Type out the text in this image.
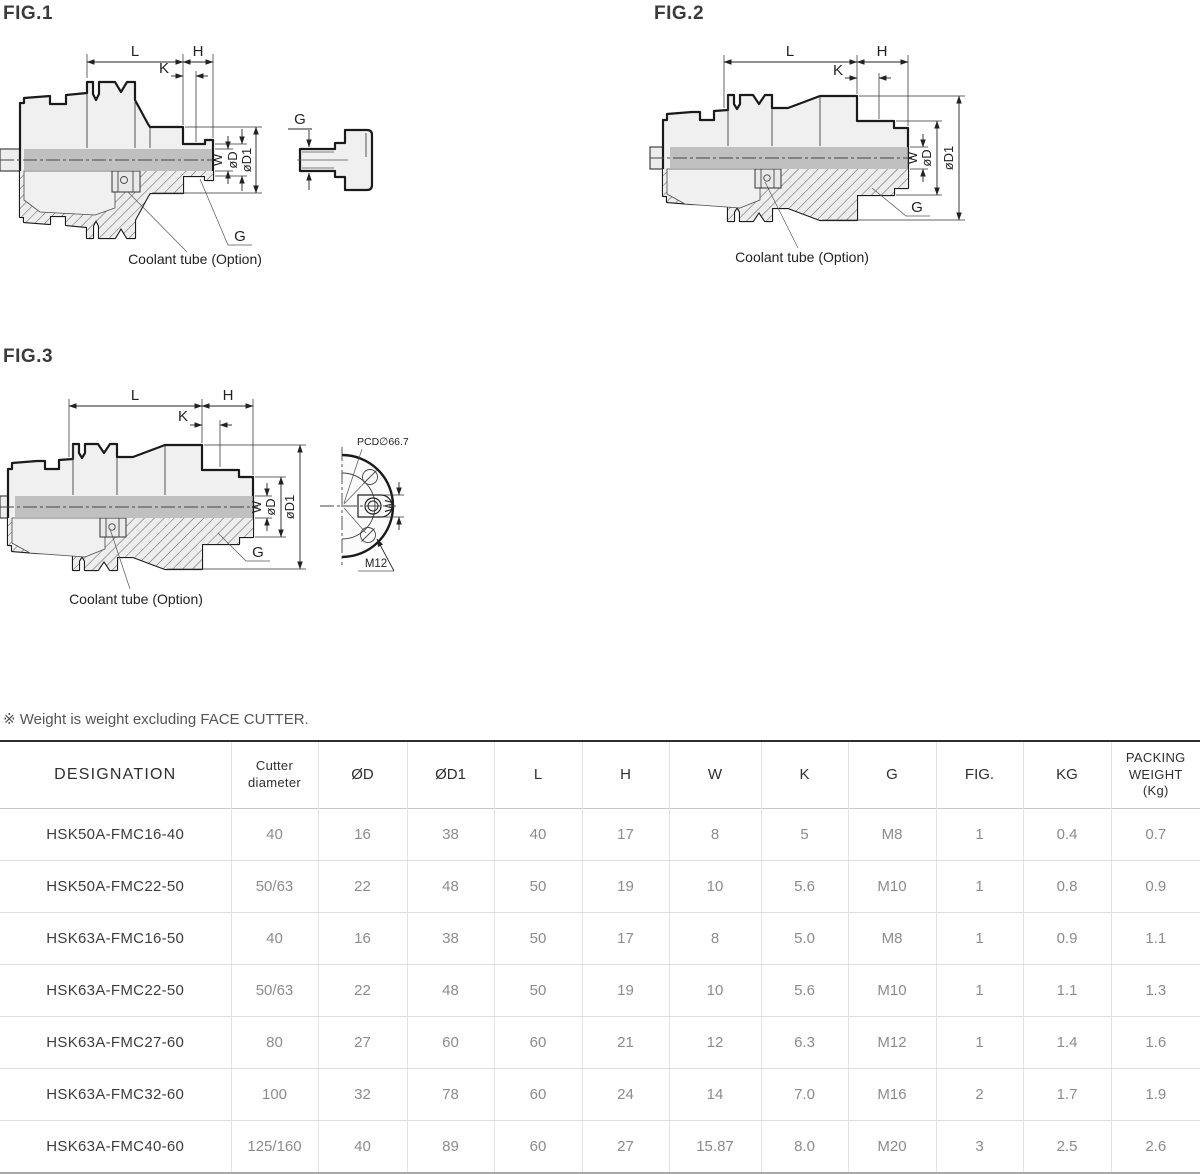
FIG.1
L	H
K
W øD øD1
G
Coolant tube (Option)
G
FIG.2
L	H
K
W øD øD1
G
Coolant tube (Option)
FIG.3
L	H
K
W øD øD1
G
Coolant tube (Option)
W
PCD∅66.7
M12

※ Weight is weight excluding FACE CUTTER.

DESIGNATION	Cutter diameter	ØD	ØD1	L	H	W	K	G	FIG.	KG	PACKING WEIGHT (Kg)
HSK50A-FMC16-40	40	16	38	40	17	8	5	M8	1	0.4	0.7
HSK50A-FMC22-50	50/63	22	48	50	19	10	5.6	M10	1	0.8	0.9
HSK63A-FMC16-50	40	16	38	50	17	8	5.0	M8	1	0.9	1.1
HSK63A-FMC22-50	50/63	22	48	50	19	10	5.6	M10	1	1.1	1.3
HSK63A-FMC27-60	80	27	60	60	21	12	6.3	M12	1	1.4	1.6
HSK63A-FMC32-60	100	32	78	60	24	14	7.0	M16	2	1.7	1.9
HSK63A-FMC40-60	125/160	40	89	60	27	15.87	8.0	M20	3	2.5	2.6
